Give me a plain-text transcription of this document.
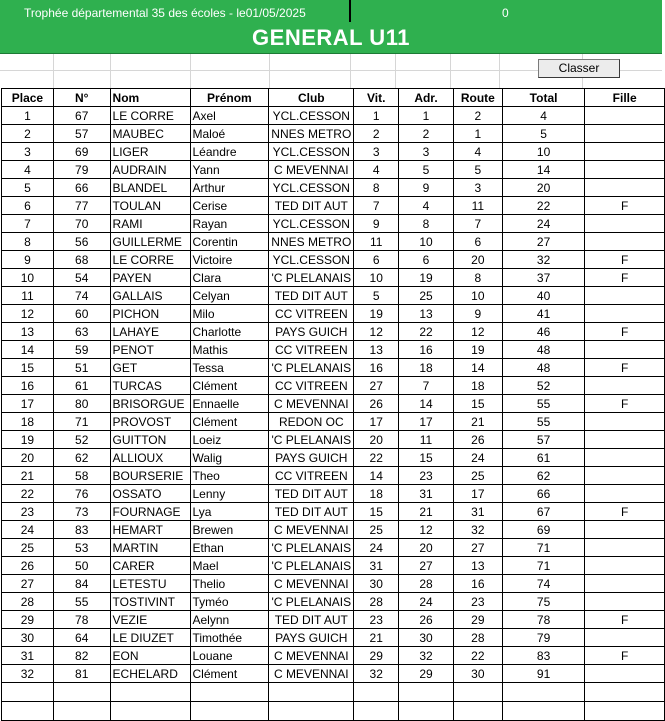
Trophée départemental 35 des écoles - le01/05/2025	0
GENERAL U11
Classer
Place	N°	Nom	Prénom	Club	Vit.	Adr.	Route	Total	Fille
1	67	LE CORRE	Axel	YCL.CESSON	1	1	2	4	
2	57	MAUBEC	Maloé	NNES METRO	2	2	1	5	
3	69	LIGER	Léandre	YCL.CESSON	3	3	4	10	
4	79	AUDRAIN	Yann	C MEVENNAI	4	5	5	14	
5	66	BLANDEL	Arthur	YCL.CESSON	8	9	3	20	
6	77	TOULAN	Cerise	TED DIT AUT	7	4	11	22	F
7	70	RAMI	Rayan	YCL.CESSON	9	8	7	24	
8	56	GUILLERME	Corentin	NNES METRO	11	10	6	27	
9	68	LE CORRE	Victoire	YCL.CESSON	6	6	20	32	F
10	54	PAYEN	Clara	'C PLELANAIS	10	19	8	37	F
11	74	GALLAIS	Celyan	TED DIT AUT	5	25	10	40	
12	60	PICHON	Milo	CC VITREEN	19	13	9	41	
13	63	LAHAYE	Charlotte	PAYS GUICH	12	22	12	46	F
14	59	PENOT	Mathis	CC VITREEN	13	16	19	48	
15	51	GET	Tessa	'C PLELANAIS	16	18	14	48	F
16	61	TURCAS	Clément	CC VITREEN	27	7	18	52	
17	80	BRISORGUE	Ennaelle	C MEVENNAI	26	14	15	55	F
18	71	PROVOST	Clément	REDON OC	17	17	21	55	
19	52	GUITTON	Loeiz	'C PLELANAIS	20	11	26	57	
20	62	ALLIOUX	Walig	PAYS GUICH	22	15	24	61	
21	58	BOURSERIE	Theo	CC VITREEN	14	23	25	62	
22	76	OSSATO	Lenny	TED DIT AUT	18	31	17	66	
23	73	FOURNAGE	Lya	TED DIT AUT	15	21	31	67	F
24	83	HEMART	Brewen	C MEVENNAI	25	12	32	69	
25	53	MARTIN	Ethan	'C PLELANAIS	24	20	27	71	
26	50	CARER	Mael	'C PLELANAIS	31	27	13	71	
27	84	LETESTU	Thelio	C MEVENNAI	30	28	16	74	
28	55	TOSTIVINT	Tyméo	'C PLELANAIS	28	24	23	75	
29	78	VEZIE	Aelynn	TED DIT AUT	23	26	29	78	F
30	64	LE DIUZET	Timothée	PAYS GUICH	21	30	28	79	
31	82	EON	Louane	C MEVENNAI	29	32	22	83	F
32	81	ECHELARD	Clément	C MEVENNAI	32	29	30	91	
